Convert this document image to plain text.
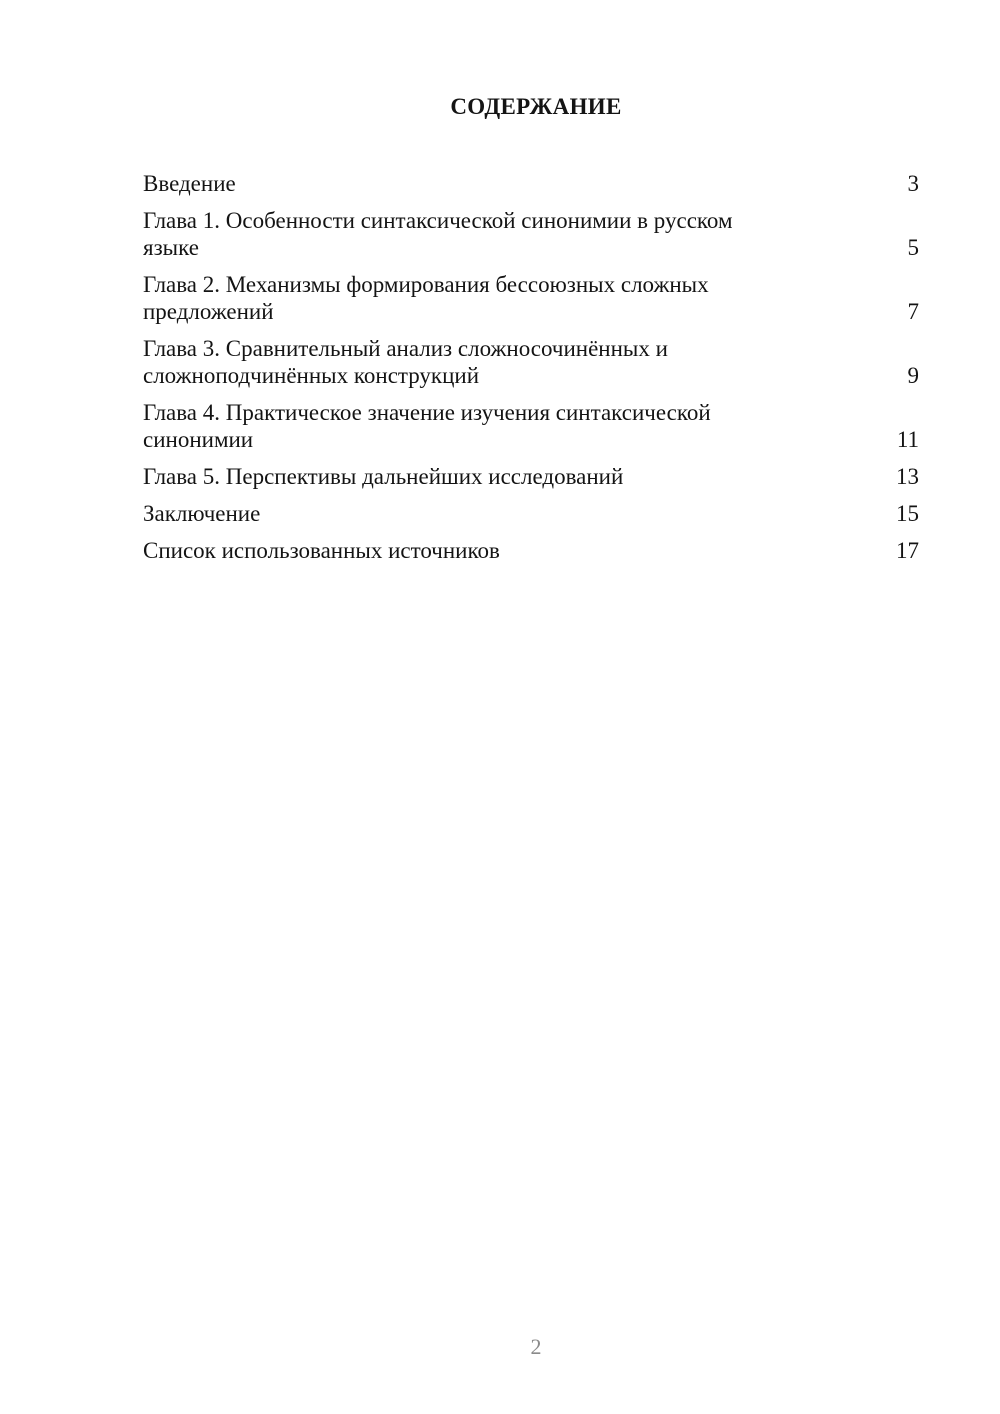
СОДЕРЖАНИЕ
Введение	3
Глава 1. Особенности синтаксической синонимии в русском языке	5
Глава 2. Механизмы формирования бессоюзных сложных предложений	7
Глава 3. Сравнительный анализ сложносочинённых и сложноподчинённых конструкций	9
Глава 4. Практическое значение изучения синтаксической синонимии	11
Глава 5. Перспективы дальнейших исследований	13
Заключение	15
Список использованных источников	17
2
